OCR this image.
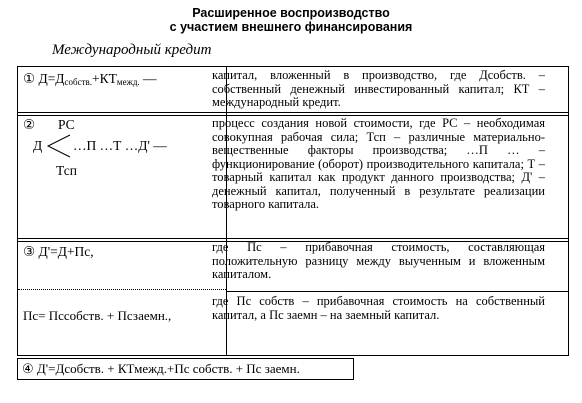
Расширенное воспроизводство
с участием внешнего финансирования
Международный кредит
① $Д=Д_{собств.}+КТ_{межд.}$ —	капитал, вложенный в производство, где Дсобств. – собственный денежный инвестированный капитал; КТ – международный кредит.
② РС
Д …П …Т …Д' —
Тсп
процесс создания новой стоимости, где РС – необходимая совокупная рабочая сила; Тсп – различные материально-вещественные факторы производства; …П … – функционирование (оборот) производительного капитала; Т – товарный капитал как продукт данного производства; Д' – денежный капитал, полученный в результате реализации товарного капитала.
③ Д'=Д+Пс,
Пс= Пссобств. + Псзаемн.,
где Пс – прибавочная стоимость, составляющая положительную разницу между выученным и вложенным капиталом.
где Пс собств – прибавочная стоимость на собственный капитал, а Пс заемн – на заемный капитал.
④ Д'=Дсобств. + КТмежд.+Пс собств. + Пс заемн.
